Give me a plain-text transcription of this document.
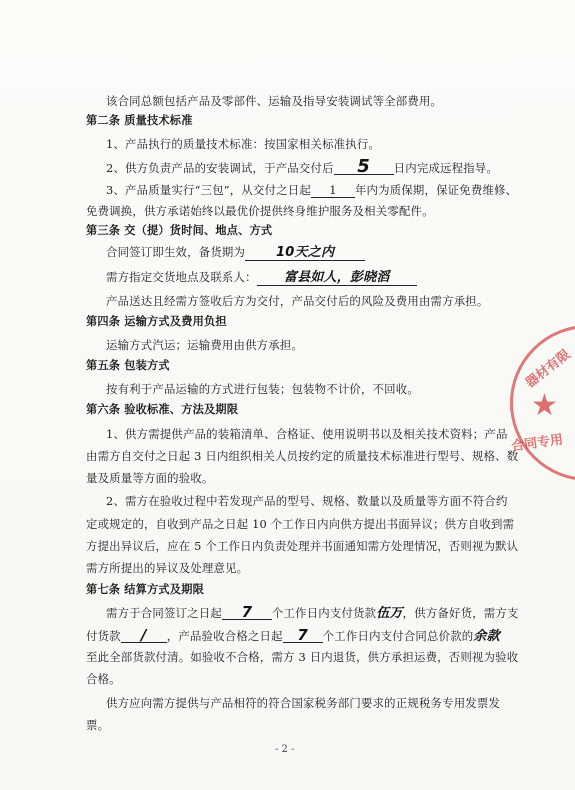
该合同总额包括产品及零部件、运输及指导安装调试等全部费用。
第二条 质量技术标准
1、产品执行的质量技术标准：按国家相关标准执行。
2、供方负责产品的安装调试，于产品交付后 5 日内完成远程指导。
3、产品质量实行“三包”，从交付之日起 1 年内为质保期，保证免费维修、
免费调换，供方承诺始终以最优价提供终身维护服务及相关零配件。
第三条 交（提）货时间、地点、方式
合同签订即生效，备货期为 10天之内
需方指定交货地点及联系人： 富县如人，彭晓滔
产品送达且经需方签收后方为交付，产品交付后的风险及费用由需方承担。
第四条 运输方式及费用负担
运输方式汽运；运输费用由供方承担。
第五条 包装方式
按有利于产品运输的方式进行包装；包装物不计价，不回收。
第六条 验收标准、方法及期限
1、供方需提供产品的装箱清单、合格证、使用说明书以及相关技术资料；产品
由需方自交付之日起 3 日内组织相关人员按约定的质量技术标准进行型号、规格、数
量及质量等方面的验收。
2、需方在验收过程中若发现产品的型号、规格、数量以及质量等方面不符合约
定或规定的，自收到产品之日起 10 个工作日内向供方提出书面异议；供方自收到需
方提出异议后，应在 5 个工作日内负责处理并书面通知需方处理情况，否则视为默认
需方所提出的异议及处理意见。
第七条 结算方式及期限
需方于合同签订之日起 7 个工作日内支付货款伍万，供方备好货，需方支
付货款 / ，产品验收合格之日起 7 个工作日内支付合同总价款的余款
至此全部货款付清。如验收不合格，需方 3 日内退货，供方承担运费，否则视为验收
合格。
供方应向需方提供与产品相符的符合国家税务部门要求的正规税务专用发票发
票。
- 2 -
器材有限
★
合同专用
